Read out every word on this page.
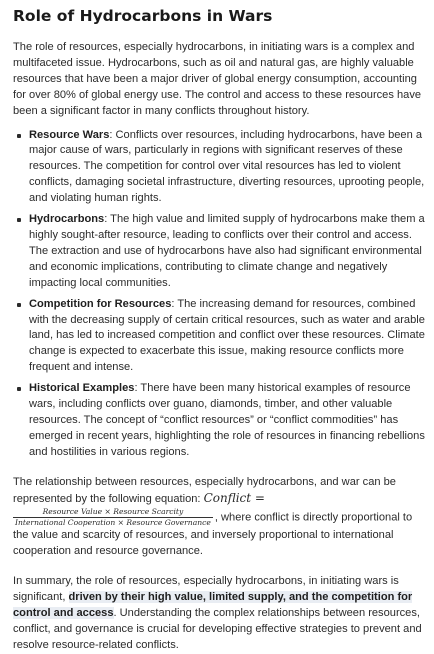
Role of Hydrocarbons in Wars

The role of resources, especially hydrocarbons, in initiating wars is a complex and multifaceted issue. Hydrocarbons, such as oil and natural gas, are highly valuable resources that have been a major driver of global energy consumption, accounting for over 80% of global energy use. The control and access to these resources have been a significant factor in many conflicts throughout history.

Resource Wars: Conflicts over resources, including hydrocarbons, have been a major cause of wars, particularly in regions with significant reserves of these resources. The competition for control over vital resources has led to violent conflicts, damaging societal infrastructure, diverting resources, uprooting people, and violating human rights.
Hydrocarbons: The high value and limited supply of hydrocarbons make them a highly sought-after resource, leading to conflicts over their control and access. The extraction and use of hydrocarbons have also had significant environmental and economic implications, contributing to climate change and negatively impacting local communities.
Competition for Resources: The increasing demand for resources, combined with the decreasing supply of certain critical resources, such as water and arable land, has led to increased competition and conflict over these resources. Climate change is expected to exacerbate this issue, making resource conflicts more frequent and intense.
Historical Examples: There have been many historical examples of resource wars, including conflicts over guano, diamonds, timber, and other valuable resources. The concept of “conflict resources” or “conflict commodities” has emerged in recent years, highlighting the role of resources in financing rebellions and hostilities in various regions.

The relationship between resources, especially hydrocarbons, and war can be represented by the following equation: Conflict =
$\frac{\text{Resource Value × Resource Scarcity}}{\text{International Cooperation × Resource Governance}}$ , where conflict is directly proportional to the value and scarcity of resources, and inversely proportional to international cooperation and resource governance.

In summary, the role of resources, especially hydrocarbons, in initiating wars is significant, driven by their high value, limited supply, and the competition for control and access. Understanding the complex relationships between resources, conflict, and governance is crucial for developing effective strategies to prevent and resolve resource-related conflicts.
